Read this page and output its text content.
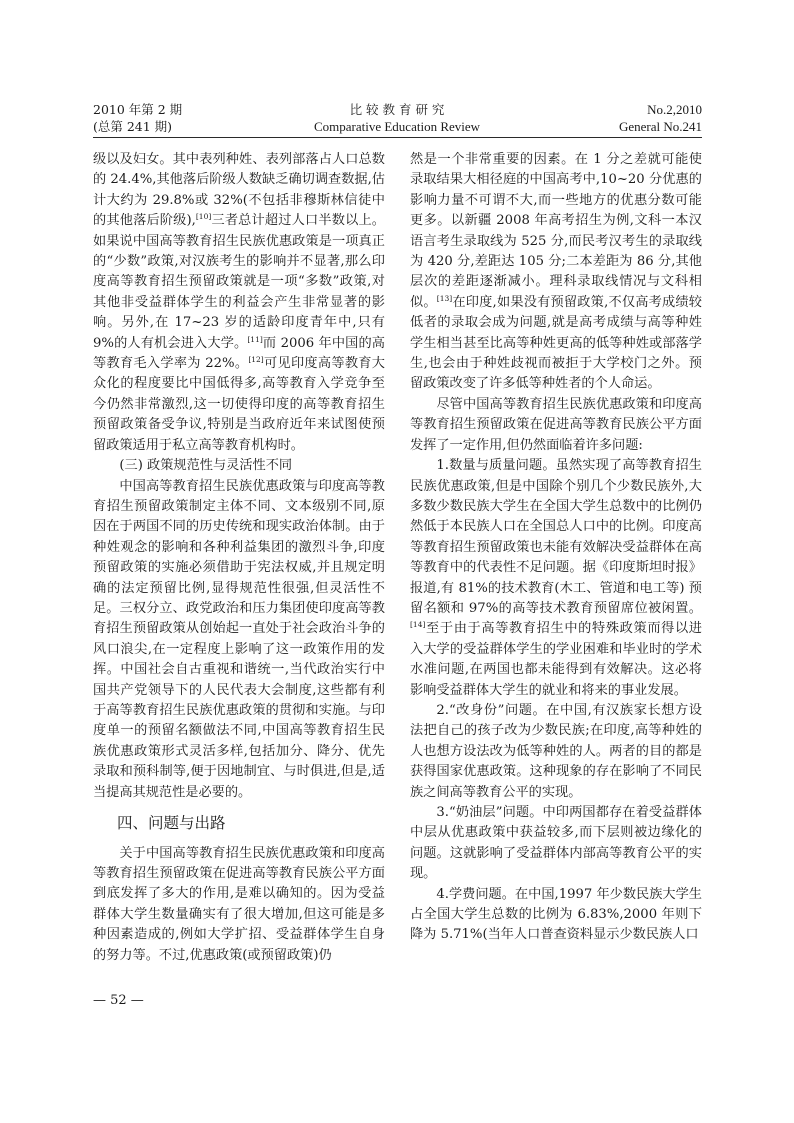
2010 年第 2 期
(总第 241 期)
比 较 教 育 研 究
Comparative Education Review
No.2,2010
General No.241

级以及妇女。其中表列种姓、表列部落占人口总数的 24.4%,其他落后阶级人数缺乏确切调查数据,估计大约为 29.8%或 32%(不包括非穆斯林信徒中的其他落后阶级),[10]三者总计超过人口半数以上。如果说中国高等教育招生民族优惠政策是一项真正的“少数”政策,对汉族考生的影响并不显著,那么印度高等教育招生预留政策就是一项“多数”政策,对其他非受益群体学生的利益会产生非常显著的影响。另外,在 17~23 岁的适龄印度青年中,只有 9%的人有机会进入大学。[11]而 2006 年中国的高等教育毛入学率为 22%。[12]可见印度高等教育大众化的程度要比中国低得多,高等教育入学竞争至今仍然非常激烈,这一切使得印度的高等教育招生预留政策备受争议,特别是当政府近年来试图使预留政策适用于私立高等教育机构时。

(三) 政策规范性与灵活性不同

中国高等教育招生民族优惠政策与印度高等教育招生预留政策制定主体不同、文本级别不同,原因在于两国不同的历史传统和现实政治体制。由于种姓观念的影响和各种利益集团的激烈斗争,印度预留政策的实施必须借助于宪法权威,并且规定明确的法定预留比例,显得规范性很强,但灵活性不足。三权分立、政党政治和压力集团使印度高等教育招生预留政策从创始起一直处于社会政治斗争的风口浪尖,在一定程度上影响了这一政策作用的发挥。中国社会自古重视和谐统一,当代政治实行中国共产党领导下的人民代表大会制度,这些都有利于高等教育招生民族优惠政策的贯彻和实施。与印度单一的预留名额做法不同,中国高等教育招生民族优惠政策形式灵活多样,包括加分、降分、优先录取和预科制等,便于因地制宜、与时俱进,但是,适当提高其规范性是必要的。

四、问题与出路

关于中国高等教育招生民族优惠政策和印度高等教育招生预留政策在促进高等教育民族公平方面到底发挥了多大的作用,是难以确知的。因为受益群体大学生数量确实有了很大增加,但这可能是多种因素造成的,例如大学扩招、受益群体学生自身的努力等。不过,优惠政策(或预留政策)仍

然是一个非常重要的因素。在 1 分之差就可能使录取结果大相径庭的中国高考中,10~20 分优惠的影响力量不可谓不大,而一些地方的优惠分数可能更多。以新疆 2008 年高考招生为例,文科一本汉语言考生录取线为 525 分,而民考汉考生的录取线为 420 分,差距达 105 分;二本差距为 86 分,其他层次的差距逐渐减小。理科录取线情况与文科相似。[13]在印度,如果没有预留政策,不仅高考成绩较低者的录取会成为问题,就是高考成绩与高等种姓学生相当甚至比高等种姓更高的低等种姓或部落学生,也会由于种姓歧视而被拒于大学校门之外。预留政策改变了许多低等种姓者的个人命运。

尽管中国高等教育招生民族优惠政策和印度高等教育招生预留政策在促进高等教育民族公平方面发挥了一定作用,但仍然面临着许多问题:

1.数量与质量问题。虽然实现了高等教育招生民族优惠政策,但是中国除个别几个少数民族外,大多数少数民族大学生在全国大学生总数中的比例仍然低于本民族人口在全国总人口中的比例。印度高等教育招生预留政策也未能有效解决受益群体在高等教育中的代表性不足问题。据《印度斯坦时报》报道,有 81%的技术教育(木工、管道和电工等) 预留名额和 97%的高等技术教育预留席位被闲置。[14]至于由于高等教育招生中的特殊政策而得以进入大学的受益群体学生的学业困难和毕业时的学术水准问题,在两国也都未能得到有效解决。这必将影响受益群体大学生的就业和将来的事业发展。

2.“改身份”问题。在中国,有汉族家长想方设法把自己的孩子改为少数民族;在印度,高等种姓的人也想方设法改为低等种姓的人。两者的目的都是获得国家优惠政策。这种现象的存在影响了不同民族之间高等教育公平的实现。

3.“奶油层”问题。中印两国都存在着受益群体中层从优惠政策中获益较多,而下层则被边缘化的问题。这就影响了受益群体内部高等教育公平的实现。

4.学费问题。在中国,1997 年少数民族大学生占全国大学生总数的比例为 6.83%,2000 年则下降为 5.71%(当年人口普查资料显示少数民族人口

— 52 —
